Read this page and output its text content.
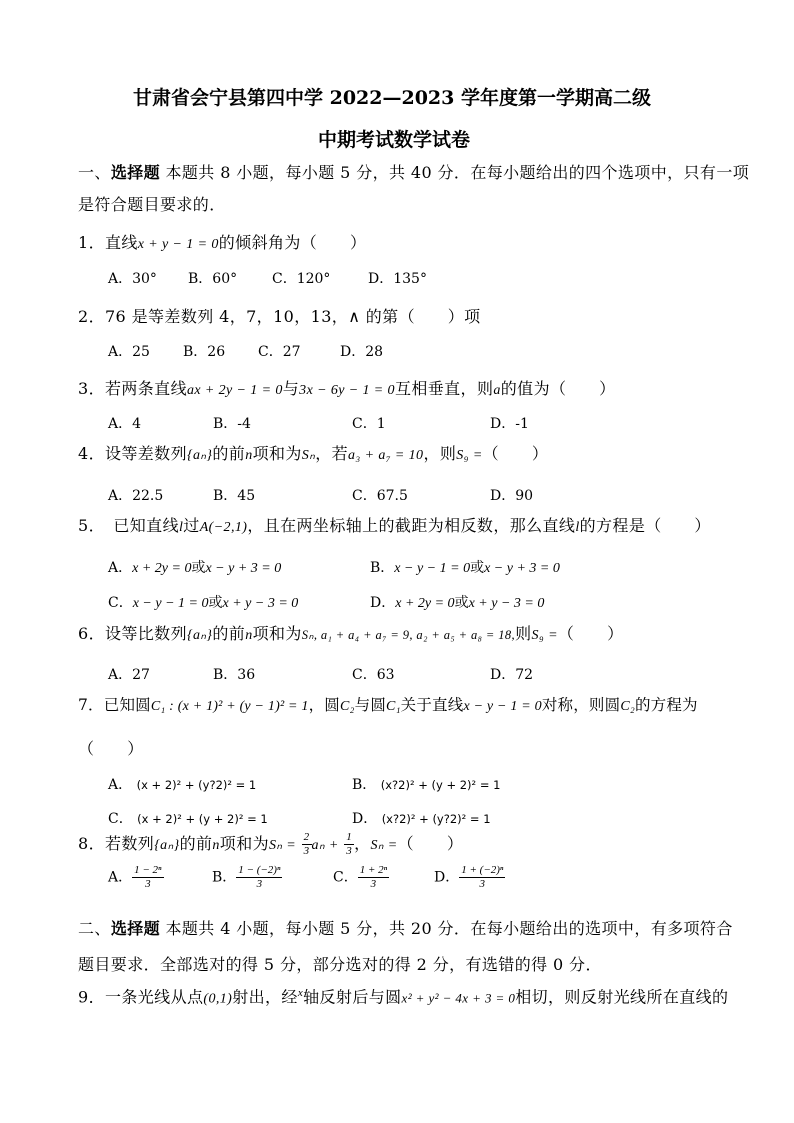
甘肃省会宁县第四中学 2022—2023 学年度第一学期高二级
中期考试数学试卷
一、选择题 本题共 8 小题，每小题 5 分，共 40 分．在每小题给出的四个选项中，只有一项
是符合题目要求的．
1．直线x + y − 1 = 0的倾斜角为（　　）
A．30° B．60° C．120°	D．135°
2．76 是等差数列 4，7，10，13，∧ 的第（　　）项
A．25 B．26 C．27	D．28
3．若两条直线ax + 2y − 1 = 0与3x − 6y − 1 = 0互相垂直，则a的值为（　　）
A．4	B．-4	C．1	D．-1
4．设等差数列{aₙ}的前n项和为Sₙ，若a₃ + a₇ = 10，则S₉ =（　　）
A．22.5	B．45	C．67.5	D．90
5．　已知直线l过A(−2,1)，且在两坐标轴上的截距为相反数，那么直线l的方程是（　　）
A．x + 2y = 0或x − y + 3 = 0	B．x − y − 1 = 0或x − y + 3 = 0
C．x − y − 1 = 0或x + y − 3 = 0	D．x + 2y = 0或x + y − 3 = 0
6．设等比数列{aₙ}的前n项和为Sₙ, a₁ + a₄ + a₇ = 9, a₂ + a₅ + a₈ = 18,则S₉ =（　　）
A．27	B．36	C．63	D．72
7．已知圆C₁ : (x + 1)² + (y − 1)² = 1，圆C₂与圆C₁关于直线x − y − 1 = 0对称，则圆C₂的方程为
（　　）
A． (x + 2)² + (y?2)² = 1	B． (x?2)² + (y + 2)² = 1
C． (x + 2)² + (y + 2)² = 1	D． (x?2)² + (y?2)² = 1
8．若数列{aₙ}的前n项和为$S_n = \frac{2}{3}$ $a_n + \frac{1}{3}$ ，Sₙ =（　　）
A． $\frac{\text{1 − 2ⁿ}}{3}$	B． $\frac{\text{1 − (−2)ⁿ}}{3}$	C． $\frac{\text{1 + 2ⁿ}}{3}$	D． $\frac{\text{1 + (−2)ⁿ}}{3}$
二、选择题 本题共 4 小题，每小题 5 分，共 20 分．在每小题给出的选项中，有多项符合
题目要求．全部选对的得 5 分，部分选对的得 2 分，有选错的得 0 分．
9．一条光线从点(0,1)射出，经$^x$轴反射后与圆x² + y² − 4x + 3 = 0相切，则反射光线所在直线的
